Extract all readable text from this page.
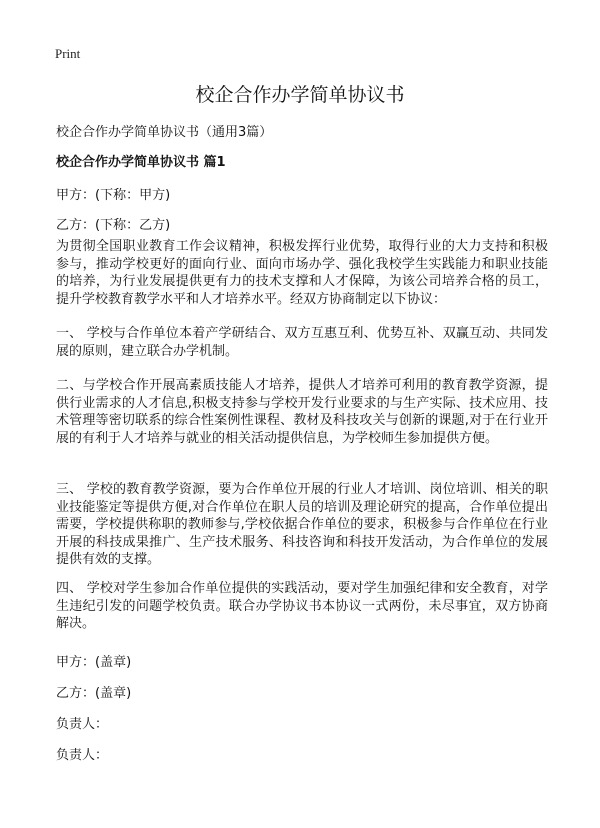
Print
校企合作办学简单协议书
校企合作办学简单协议书（通用3篇）
校企合作办学简单协议书 篇1
甲方：(下称：甲方)
乙方：(下称：乙方)

为贯彻全国职业教育工作会议精神，积极发挥行业优势，取得行业的大力支持和积极参与，推动学校更好的面向行业、面向市场办学、强化我校学生实践能力和职业技能的培养，为行业发展提供更有力的技术支撑和人才保障，为该公司培养合格的员工，提升学校教育教学水平和人才培养水平。经双方协商制定以下协议：

一、 学校与合作单位本着产学研结合、双方互惠互利、优势互补、双赢互动、共同发展的原则，建立联合办学机制。

二、与学校合作开展高素质技能人才培养，提供人才培养可利用的教育教学资源，提供行业需求的人才信息,积极支持参与学校开发行业要求的与生产实际、技术应用、技术管理等密切联系的综合性案例性课程、教材及科技攻关与创新的课题,对于在行业开展的有利于人才培养与就业的相关活动提供信息，为学校师生参加提供方便。

三、 学校的教育教学资源，要为合作单位开展的行业人才培训、岗位培训、相关的职业技能鉴定等提供方便,对合作单位在职人员的培训及理论研究的提高，合作单位提出需要，学校提供称职的教师参与,学校依据合作单位的要求，积极参与合作单位在行业开展的科技成果推广、生产技术服务、科技咨询和科技开发活动，为合作单位的发展提供有效的支撑。

四、 学校对学生参加合作单位提供的实践活动，要对学生加强纪律和安全教育，对学生违纪引发的问题学校负责。联合办学协议书本协议一式两份，未尽事宜，双方协商解决。

甲方：(盖章)
乙方：(盖章)
负责人：
负责人：
